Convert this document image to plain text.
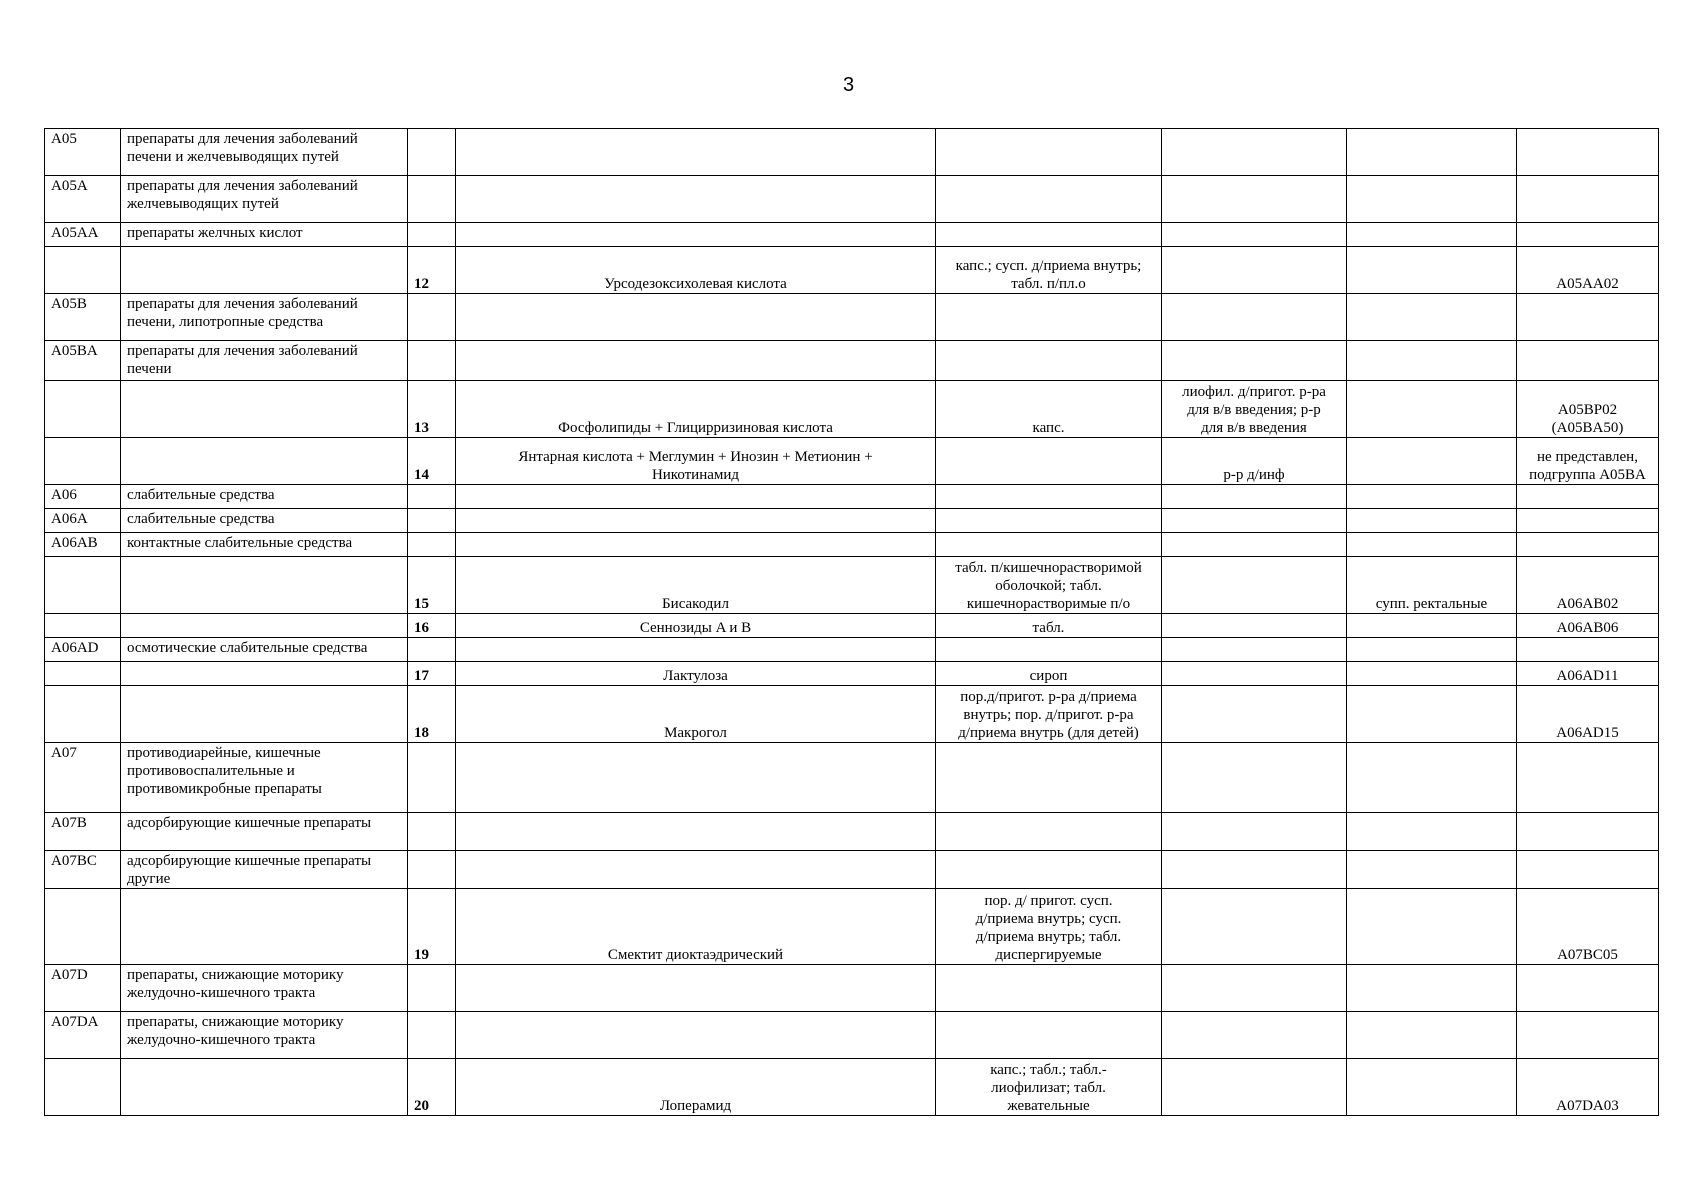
3
A05	препараты для лечения заболеваний печени и желчевыводящих путей						
A05A	препараты для лечения заболеваний желчевыводящих путей						
A05AA	препараты желчных кислот						
		12	Урсодезоксихолевая кислота	капс.; сусп. д/приема внутрь;
табл. п/пл.о			A05AA02
A05B	препараты для лечения заболеваний печени, липотропные средства						
A05BA	препараты для лечения заболеваний печени						
		13	Фосфолипиды + Глицирризиновая кислота	капс.	лиофил. д/пригот. р-ра
для в/в введения; р-р
для в/в введения		A05BP02
(A05BA50)
		14	Янтарная кислота + Меглумин + Инозин + Метионин +
Никотинамид		р-р д/инф		не представлен,
подгруппа A05BA
A06	слабительные средства						
A06A	слабительные средства						
A06AB	контактные слабительные средства						
		15	Бисакодил	табл. п/кишечнорастворимой
оболочкой; табл.
кишечнорастворимые п/о		супп. ректальные	A06AB02
		16	Сеннозиды A и B	табл.			A06AB06
A06AD	осмотические слабительные средства						
		17	Лактулоза	сироп			A06AD11
		18	Макрогол	пор.д/пригот. р-ра д/приема
внутрь; пор. д/пригот. р-ра
д/приема внутрь (для детей)			A06AD15
A07	противодиарейные, кишечные противовоспалительные и противомикробные препараты						
A07B	адсорбирующие кишечные препараты						
A07BC	адсорбирующие кишечные препараты другие						
		19	Смектит диоктаэдрический	пор. д/ пригот. сусп.
д/приема внутрь; сусп.
д/приема внутрь; табл.
диспергируемые			A07BC05
A07D	препараты, снижающие моторику желудочно-кишечного тракта						
A07DA	препараты, снижающие моторику желудочно-кишечного тракта						
		20	Лоперамид	капс.; табл.; табл.-
лиофилизат; табл.
жевательные			A07DA03
